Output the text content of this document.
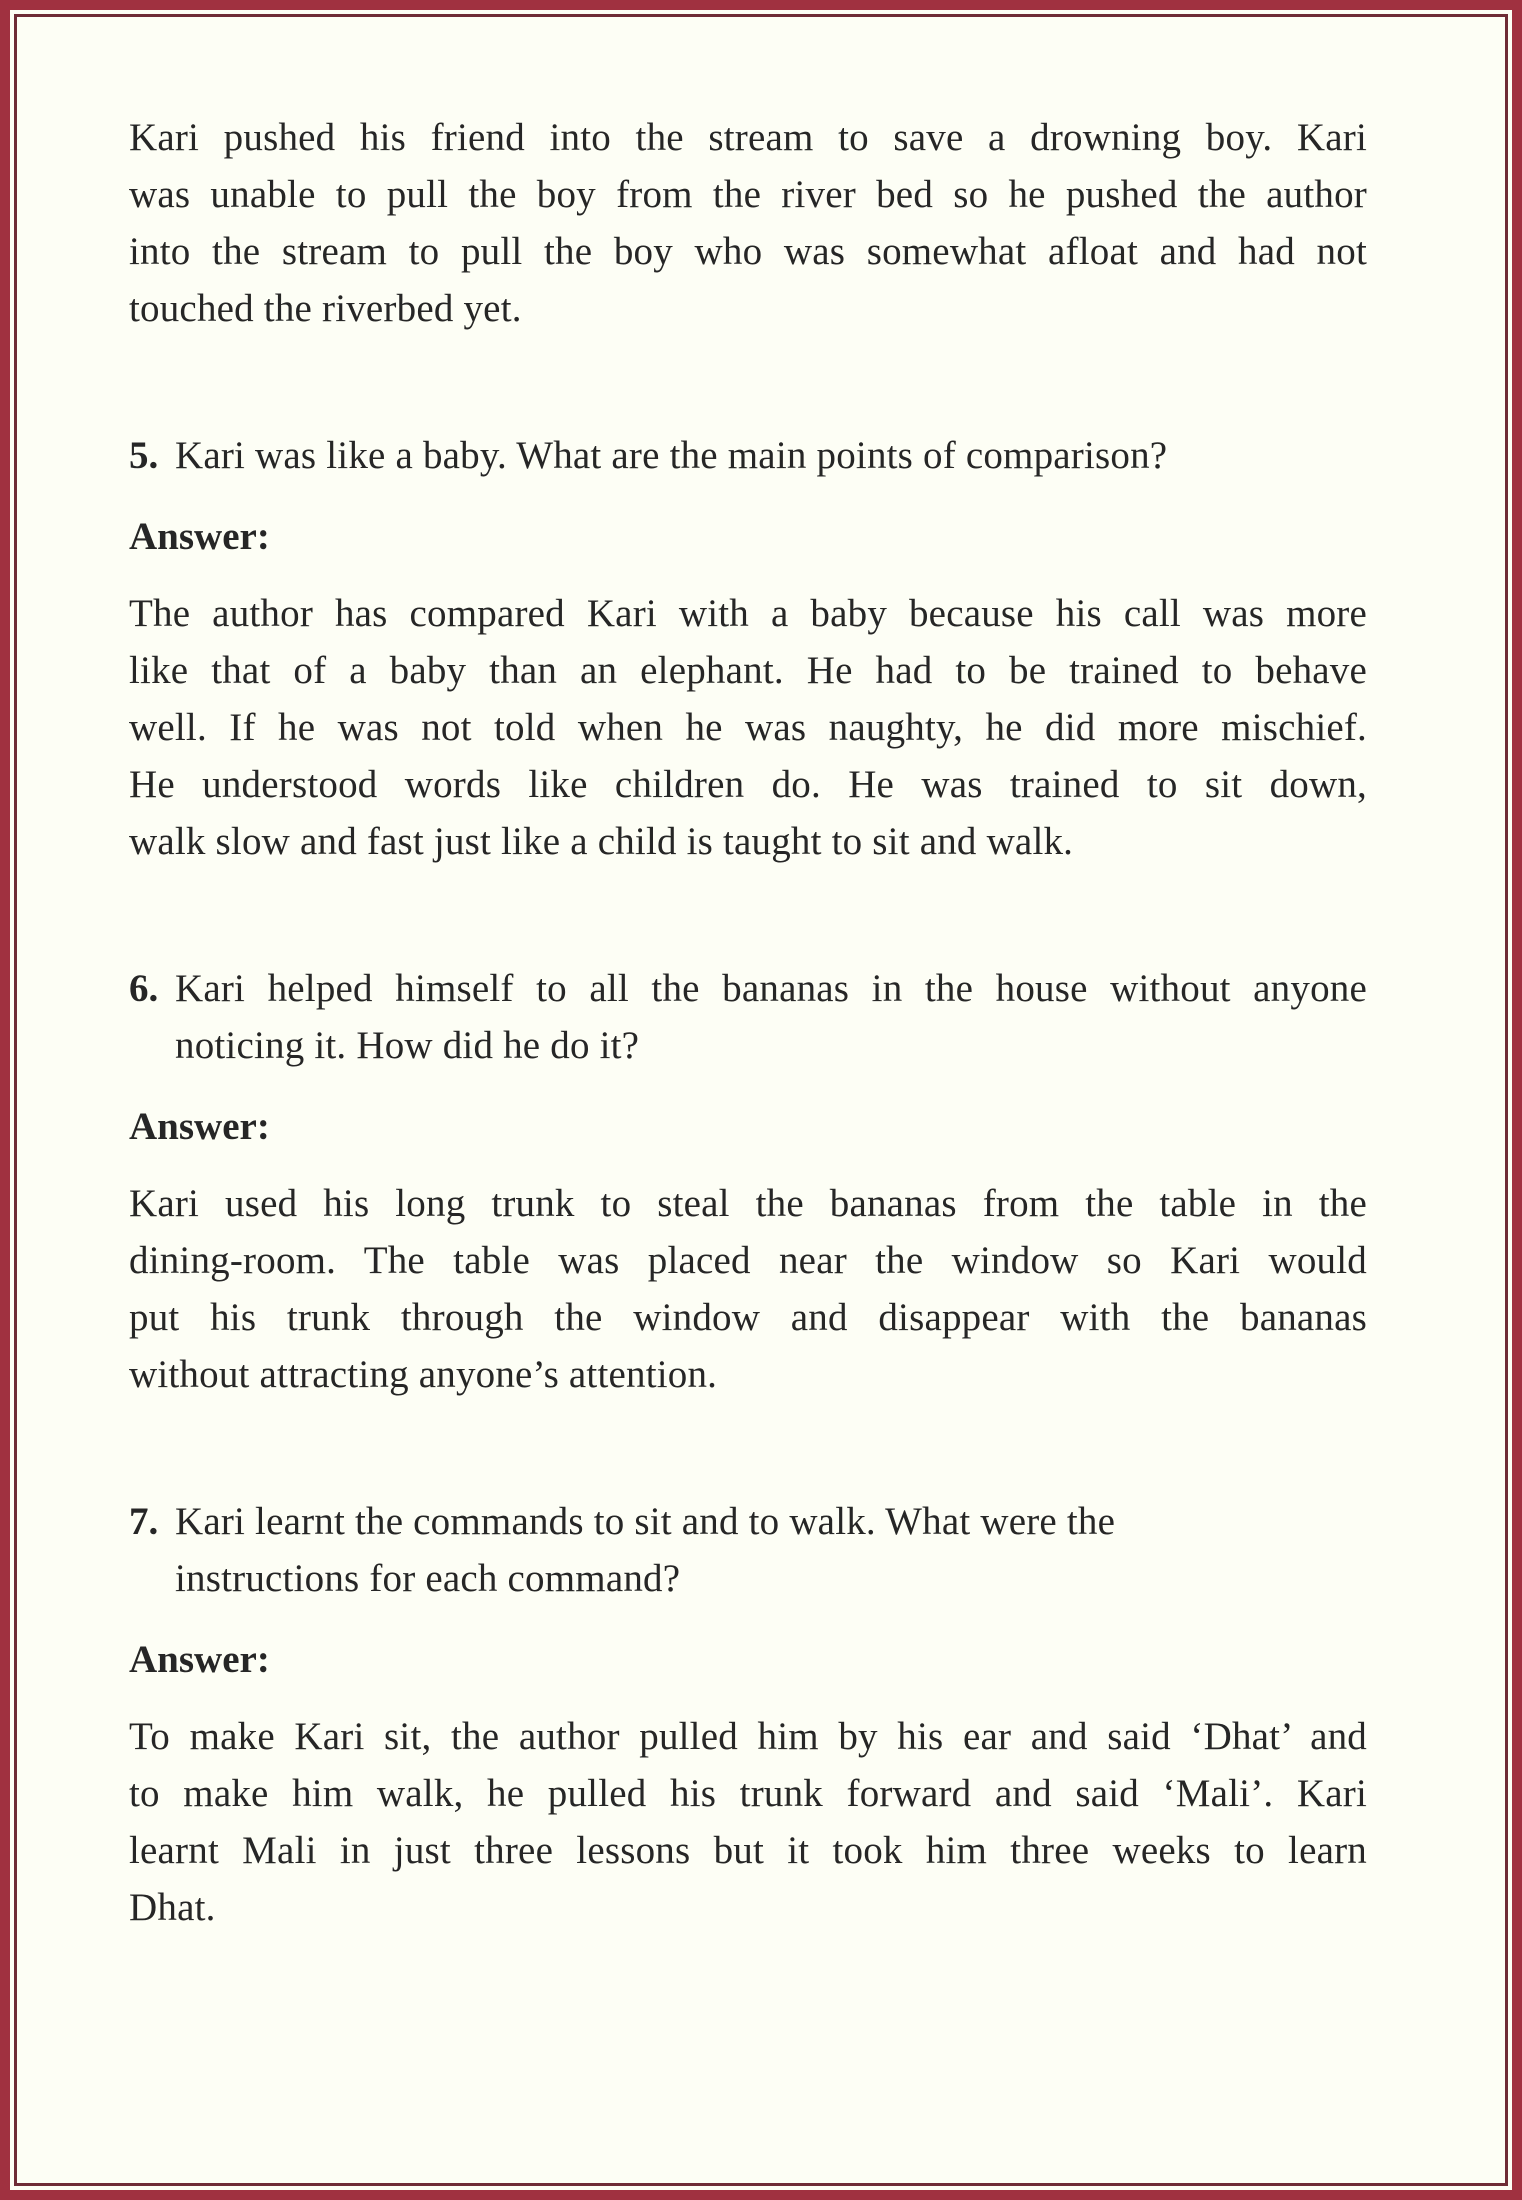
Kari pushed his friend into the stream to save a drowning boy. Kari
was unable to pull the boy from the river bed so he pushed the author
into the stream to pull the boy who was somewhat afloat and had not
touched the riverbed yet.
5. Kari was like a baby. What are the main points of comparison?
Answer:
The author has compared Kari with a baby because his call was more
like that of a baby than an elephant. He had to be trained to behave
well. If he was not told when he was naughty, he did more mischief.
He understood words like children do. He was trained to sit down,
walk slow and fast just like a child is taught to sit and walk.
6. Kari helped himself to all the bananas in the house without anyone
noticing it. How did he do it?
Answer:
Kari used his long trunk to steal the bananas from the table in the
dining-room. The table was placed near the window so Kari would
put his trunk through the window and disappear with the bananas
without attracting anyone’s attention.
7. Kari learnt the commands to sit and to walk. What were the
instructions for each command?
Answer:
To make Kari sit, the author pulled him by his ear and said ‘Dhat’ and
to make him walk, he pulled his trunk forward and said ‘Mali’. Kari
learnt Mali in just three lessons but it took him three weeks to learn
Dhat.
